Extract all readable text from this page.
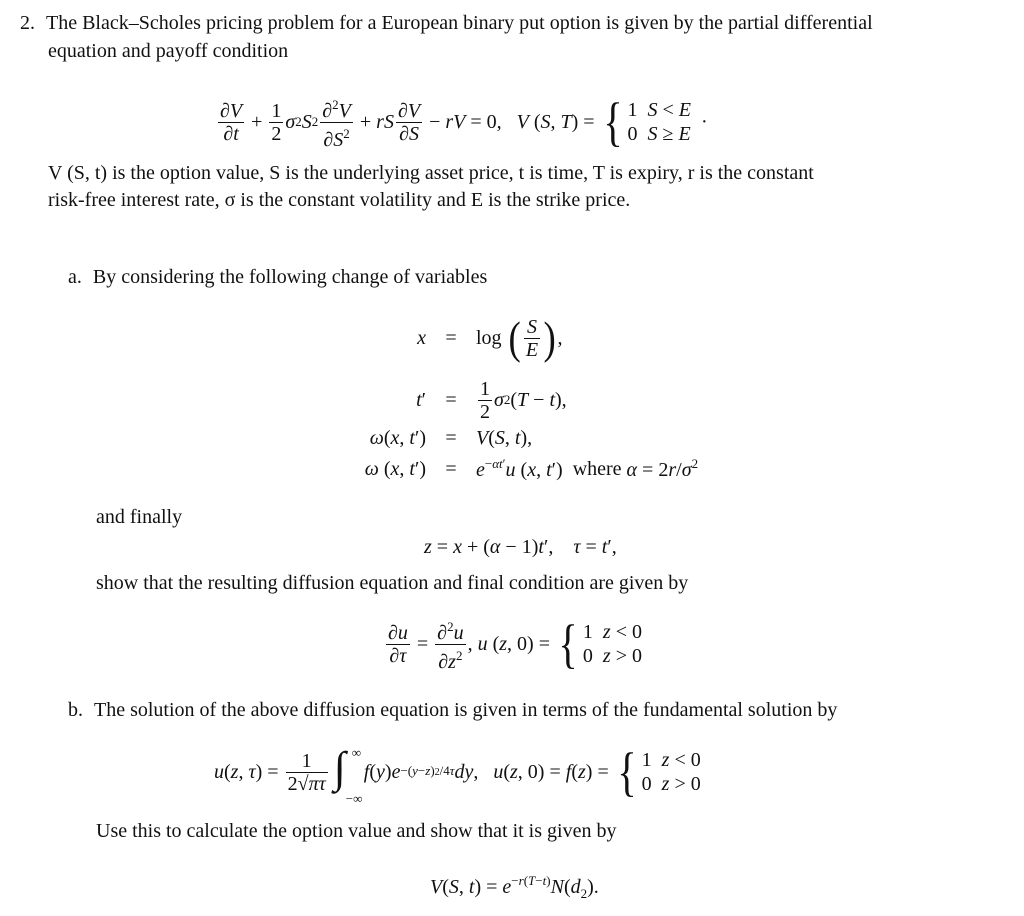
2. The Black–Scholes pricing problem for a European binary put option is given by the partial differential
equation and payoff condition
$\frac{\partial V}{\partial t} + \frac{1}{2}$ σ 2 S $2 \frac{\partial^2V}{\partial S^2}$ + rS $\frac{\partial V}{\partial S}$ − rV = 0, V ( S , T ) = { 1  S < E
0  S ≥ E
·
V (S, t) is the option value, S is the underlying asset price, t is time, T is expiry, r is the constant
risk-free interest rate, σ is the constant volatility and E is the strike price.
a. By considering the following change of variables
x = log ( $\frac{S}{E}$ ) ,
t′ =	$\frac{1}{2}$ σ 2 ( T − t ),
ω(x, t′) = V(S, t),
ω (x, $t') = e^{-\alpha t'}u$ (x, t′) where $\alpha = 2r/\sigma^2$
and finally
z = x + (α − 1)t′,    τ = t′,
show that the resulting diffusion equation and final condition are given by
$\frac{\partial u}{\partial\tau} = \frac{\partial^2u}{\partial z^2}$ , u ( z , 0) = { 1  z < 0
0  z > 0
b. The solution of the above diffusion equation is given in terms of the fundamental solution by
u ( z , τ ) = $\frac{1}{2√\pi\tau}$ ∫ ∞
−∞
f ( y ) e −(y−z)2/4τ dy , u ( z , 0) = f ( z ) = { 1  z < 0
0  z > 0
Use this to calculate the option value and show that it is given by
V(S, $t) = e^{-r(T-t)}N(d_2)$.
